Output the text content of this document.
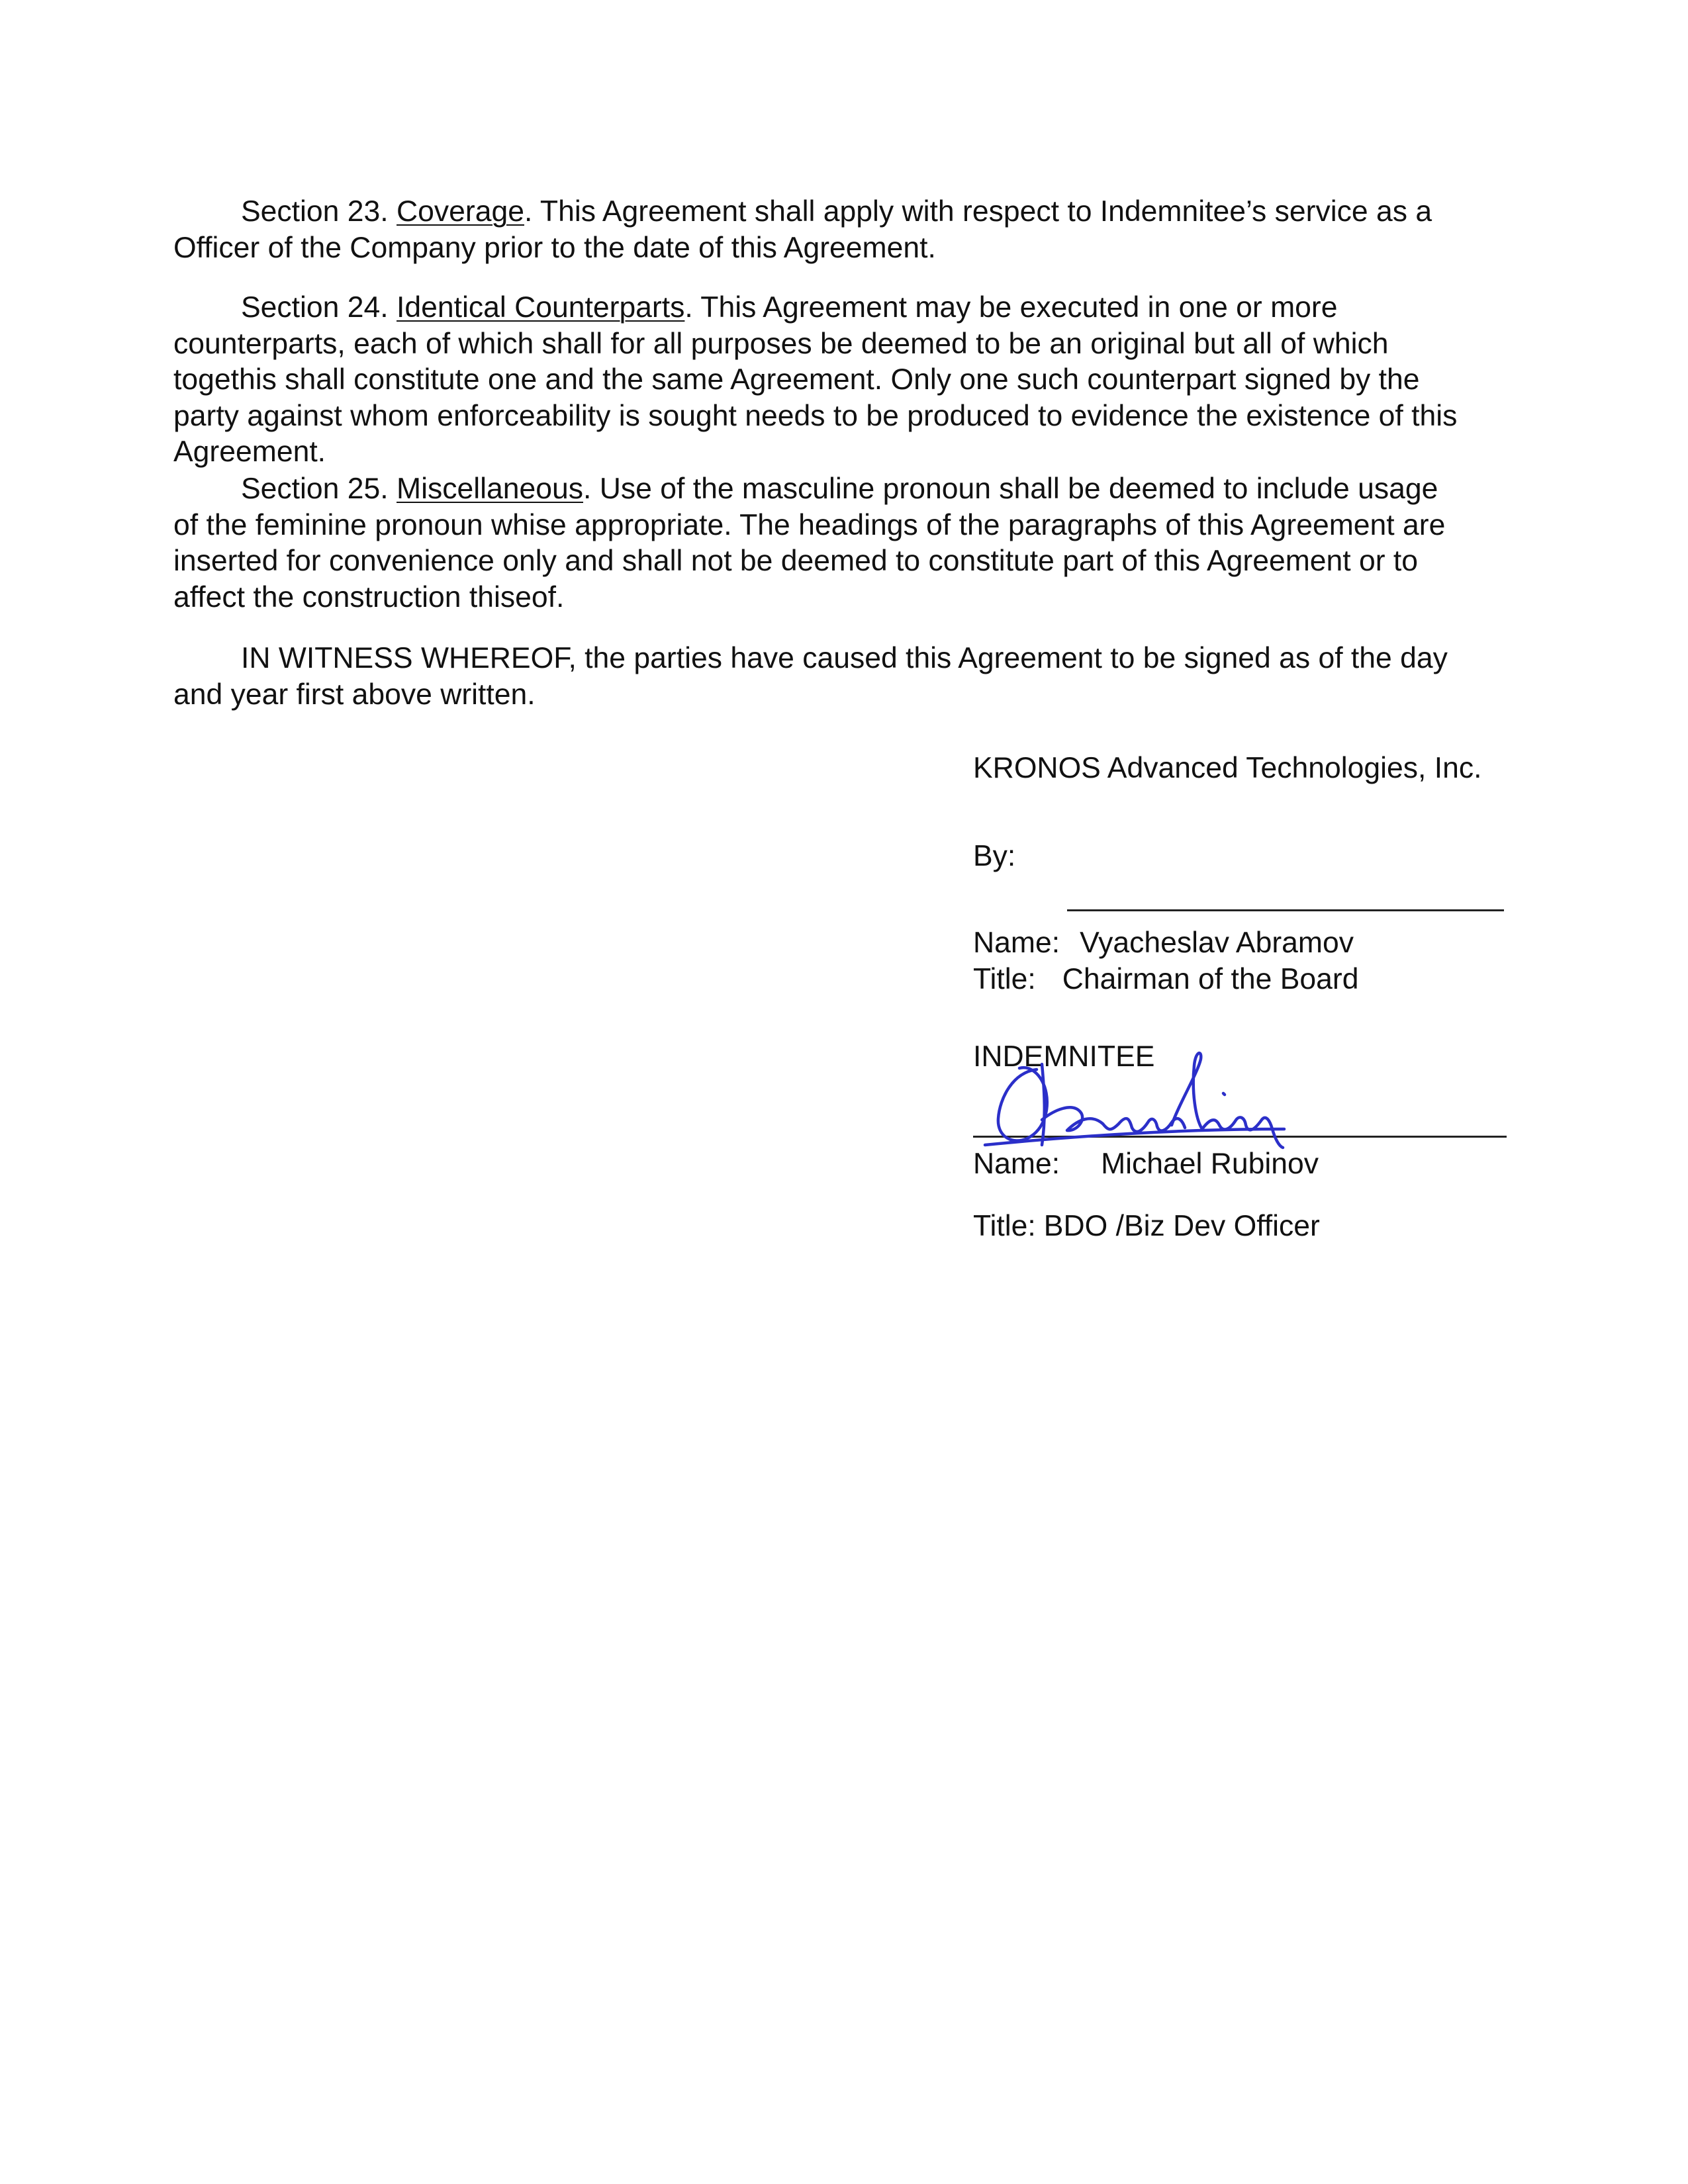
Section 23. Coverage. This Agreement shall apply with respect to Indemnitee’s service as a
Officer of the Company prior to the date of this Agreement.
Section 24. Identical Counterparts. This Agreement may be executed in one or more
counterparts, each of which shall for all purposes be deemed to be an original but all of which
togethis shall constitute one and the same Agreement. Only one such counterpart signed by the
party against whom enforceability is sought needs to be produced to evidence the existence of this
Agreement.
Section 25. Miscellaneous. Use of the masculine pronoun shall be deemed to include usage
of the feminine pronoun whise appropriate. The headings of the paragraphs of this Agreement are
inserted for convenience only and shall not be deemed to constitute part of this Agreement or to
affect the construction thiseof.
IN WITNESS WHEREOF, the parties have caused this Agreement to be signed as of the day
and year first above written.
KRONOS Advanced Technologies, Inc.
By:
Name: Vyacheslav Abramov
Title: Chairman of the Board
INDEMNITEE
Name: Michael Rubinov
Title: BDO /Biz Dev Officer
